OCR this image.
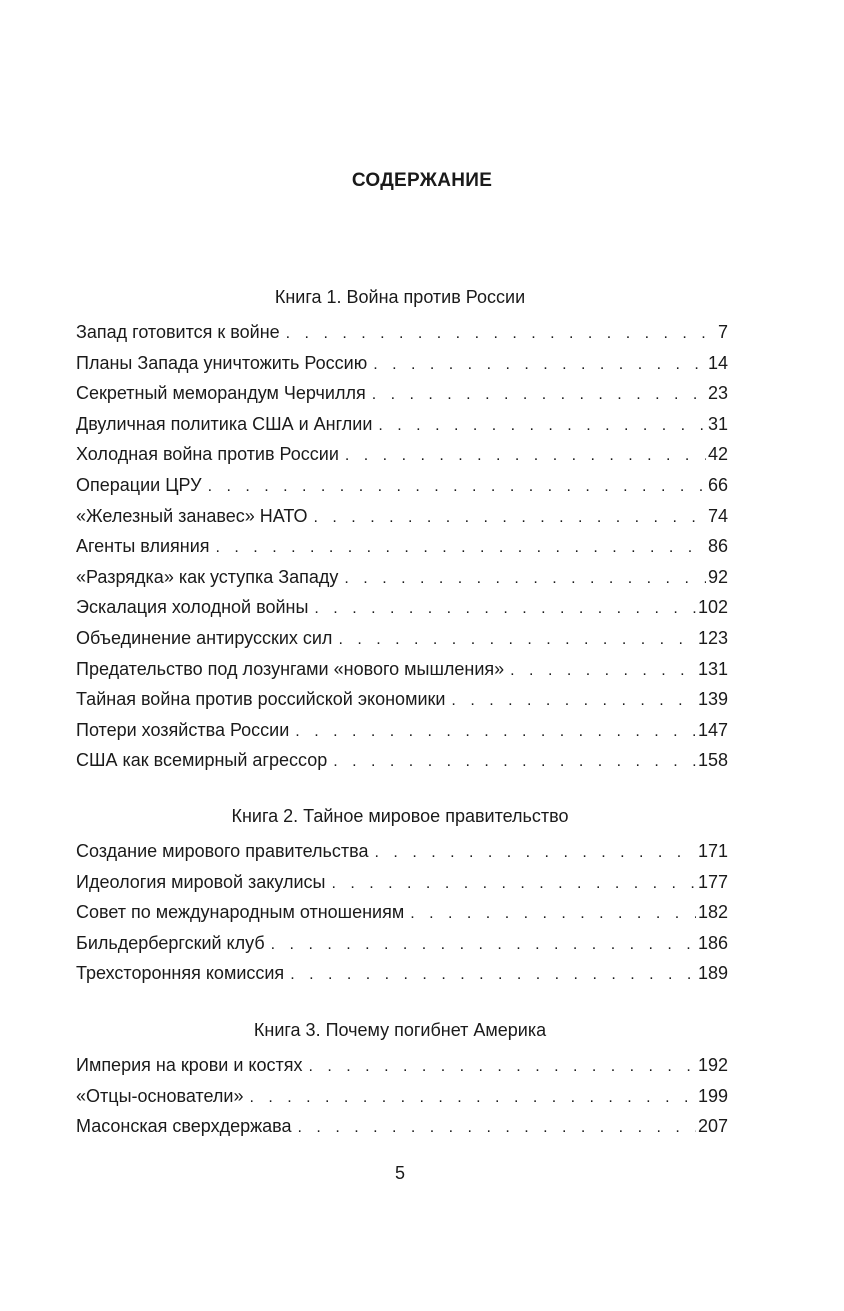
СОДЕРЖАНИЕ
Книга 1. Война против России
Запад готовится к войне . . .	7
Планы Запада уничтожить Россию . . .	14
Секретный меморандум Черчилля . . .	23
Двуличная политика США и Англии . . .	31
Холодная война против России . . .	42
Операции ЦРУ . . .	66
«Железный занавес» НАТО . . .	74
Агенты влияния . . .	86
«Разрядка» как уступка Западу . . .	92
Эскалация холодной войны . . .	102
Объединение антирусских сил . . .	123
Предательство под лозунгами «нового мышления» . . .	131
Тайная война против российской экономики . . .	139
Потери хозяйства России . . .	147
США как всемирный агрессор . . .	158
Книга 2. Тайное мировое правительство
Создание мирового правительства . . .	171
Идеология мировой закулисы . . .	177
Совет по международным отношениям . . .	182
Бильдербергский клуб . . .	186
Трехсторонняя комиссия . . .	189
Книга 3. Почему погибнет Америка
Империя на крови и костях . . .	192
«Отцы-основатели» . . .	199
Масонская сверхдержава . . .	207
5
